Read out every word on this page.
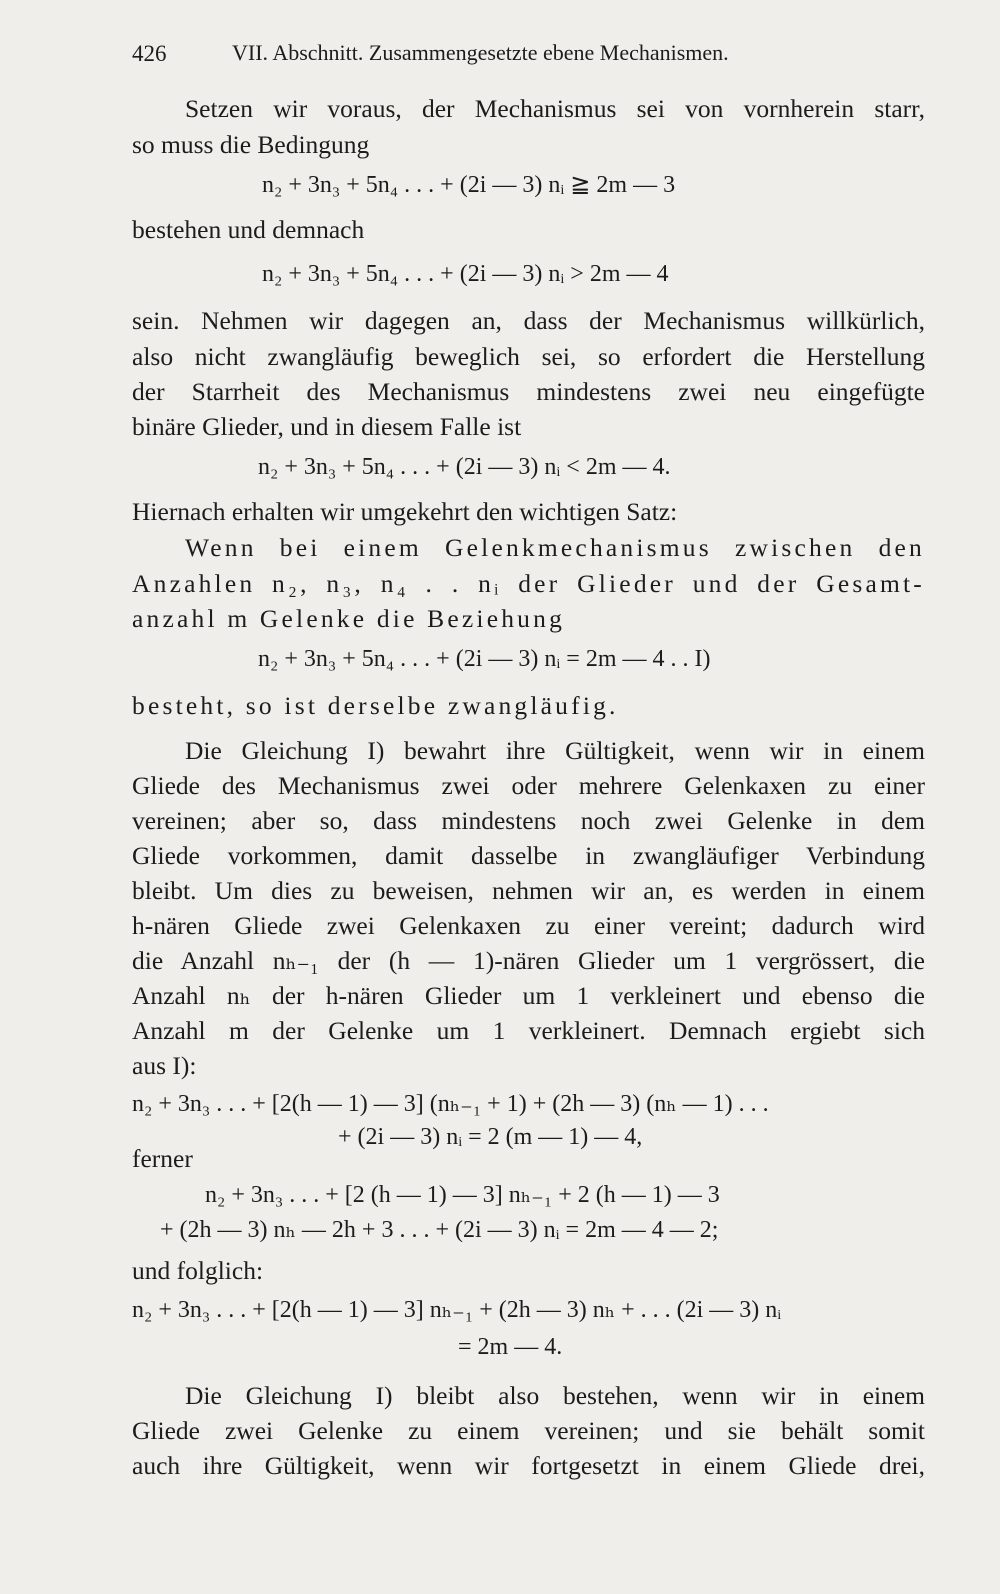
426	VII. Abschnitt. Zusammengesetzte ebene Mechanismen.
Setzen wir voraus, der Mechanismus sei von vornherein starr,
so muss die Bedingung
n₂ + 3n₃ + 5n₄ . . . + (2i — 3) nᵢ ≧ 2m — 3
bestehen und demnach
n₂ + 3n₃ + 5n₄ . . . + (2i — 3) nᵢ > 2m — 4
sein. Nehmen wir dagegen an, dass der Mechanismus willkürlich,
also nicht zwangläufig beweglich sei, so erfordert die Herstellung
der Starrheit des Mechanismus mindestens zwei neu eingefügte
binäre Glieder, und in diesem Falle ist
n₂ + 3n₃ + 5n₄ . . . + (2i — 3) nᵢ < 2m — 4.
Hiernach erhalten wir umgekehrt den wichtigen Satz:
Wenn bei einem Gelenkmechanismus zwischen den
Anzahlen n₂, n₃, n₄ . . nᵢ der Glieder und der Gesamt-
anzahl m Gelenke die Beziehung
n₂ + 3n₃ + 5n₄ . . . + (2i — 3) nᵢ = 2m — 4 . . I)
besteht, so ist derselbe zwangläufig.
Die Gleichung I) bewahrt ihre Gültigkeit, wenn wir in einem
Gliede des Mechanismus zwei oder mehrere Gelenkaxen zu einer
vereinen; aber so, dass mindestens noch zwei Gelenke in dem
Gliede vorkommen, damit dasselbe in zwangläufiger Verbindung
bleibt. Um dies zu beweisen, nehmen wir an, es werden in einem
h-nären Gliede zwei Gelenkaxen zu einer vereint; dadurch wird
die Anzahl nₕ₋₁ der (h — 1)-nären Glieder um 1 vergrössert, die
Anzahl nₕ der h-nären Glieder um 1 verkleinert und ebenso die
Anzahl m der Gelenke um 1 verkleinert. Demnach ergiebt sich
aus I):
n₂ + 3n₃ . . . + [2(h — 1) — 3] (nₕ₋₁ + 1) + (2h — 3) (nₕ — 1) . . .
+ (2i — 3) nᵢ = 2 (m — 1) — 4,
ferner
n₂ + 3n₃ . . . + [2 (h — 1) — 3] nₕ₋₁ + 2 (h — 1) — 3
+ (2h — 3) nₕ — 2h + 3 . . . + (2i — 3) nᵢ = 2m — 4 — 2;
und folglich:
n₂ + 3n₃ . . . + [2(h — 1) — 3] nₕ₋₁ + (2h — 3) nₕ + . . . (2i — 3) nᵢ
= 2m — 4.
Die Gleichung I) bleibt also bestehen, wenn wir in einem
Gliede zwei Gelenke zu einem vereinen; und sie behält somit
auch ihre Gültigkeit, wenn wir fortgesetzt in einem Gliede drei,
